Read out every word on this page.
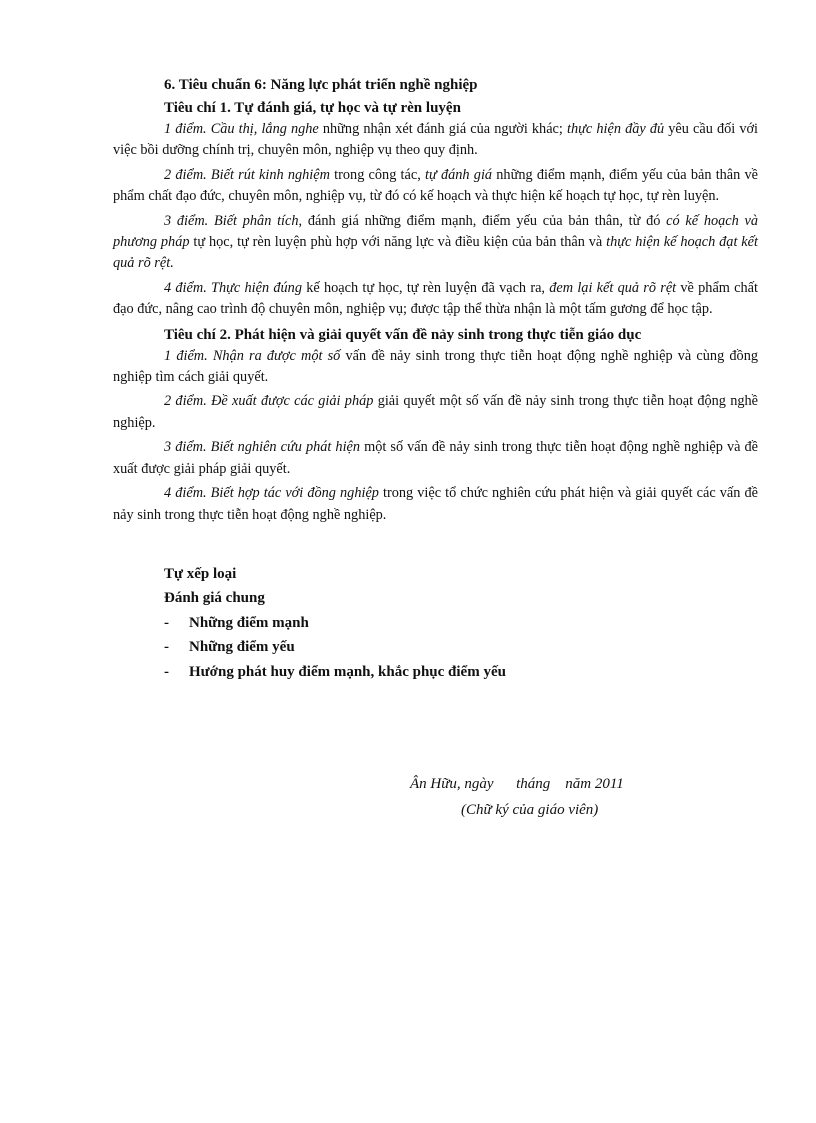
6. Tiêu chuẩn 6: Năng lực phát triển nghề nghiệp

Tiêu chí 1. Tự đánh giá, tự học và tự rèn luyện

1 điểm. Cầu thị, lắng nghe những nhận xét đánh giá của người khác; thực hiện đầy đủ yêu cầu đối với việc bồi dưỡng chính trị, chuyên môn, nghiệp vụ theo quy định.

2 điểm. Biết rút kinh nghiệm trong công tác, tự đánh giá những điểm mạnh, điểm yếu của bản thân về phẩm chất đạo đức, chuyên môn, nghiệp vụ, từ đó có kế hoạch và thực hiện kế hoạch tự học, tự rèn luyện.

3 điểm. Biết phân tích, đánh giá những điểm mạnh, điểm yếu của bản thân, từ đó có kế hoạch và phương pháp tự học, tự rèn luyện phù hợp với năng lực và điều kiện của bản thân và thực hiện kế hoạch đạt kết quả rõ rệt.

4 điểm. Thực hiện đúng kế hoạch tự học, tự rèn luyện đã vạch ra, đem lại kết quả rõ rệt về phẩm chất đạo đức, nâng cao trình độ chuyên môn, nghiệp vụ; được tập thể thừa nhận là một tấm gương để học tập.

Tiêu chí 2. Phát hiện và giải quyết vấn đề nảy sinh trong thực tiễn giáo dục

1 điểm. Nhận ra được một số vấn đề nảy sinh trong thực tiễn hoạt động nghề nghiệp và cùng đồng nghiệp tìm cách giải quyết.

2 điểm. Đề xuất được các giải pháp giải quyết một số vấn đề nảy sinh trong thực tiễn hoạt động nghề nghiệp.

3 điểm. Biết nghiên cứu phát hiện một số vấn đề nảy sinh trong thực tiễn hoạt động nghề nghiệp và đề xuất được giải pháp giải quyết.

4 điểm. Biết hợp tác với đồng nghiệp trong việc tổ chức nghiên cứu phát hiện và giải quyết các vấn đề nảy sinh trong thực tiễn hoạt động nghề nghiệp.

Tự xếp loại

Đánh giá chung

-	Những điểm mạnh
-	Những điểm yếu
-	Hướng phát huy điểm mạnh, khắc phục điểm yếu
Ân Hữu, ngày      tháng    năm 2011
(Chữ ký của giáo viên)
